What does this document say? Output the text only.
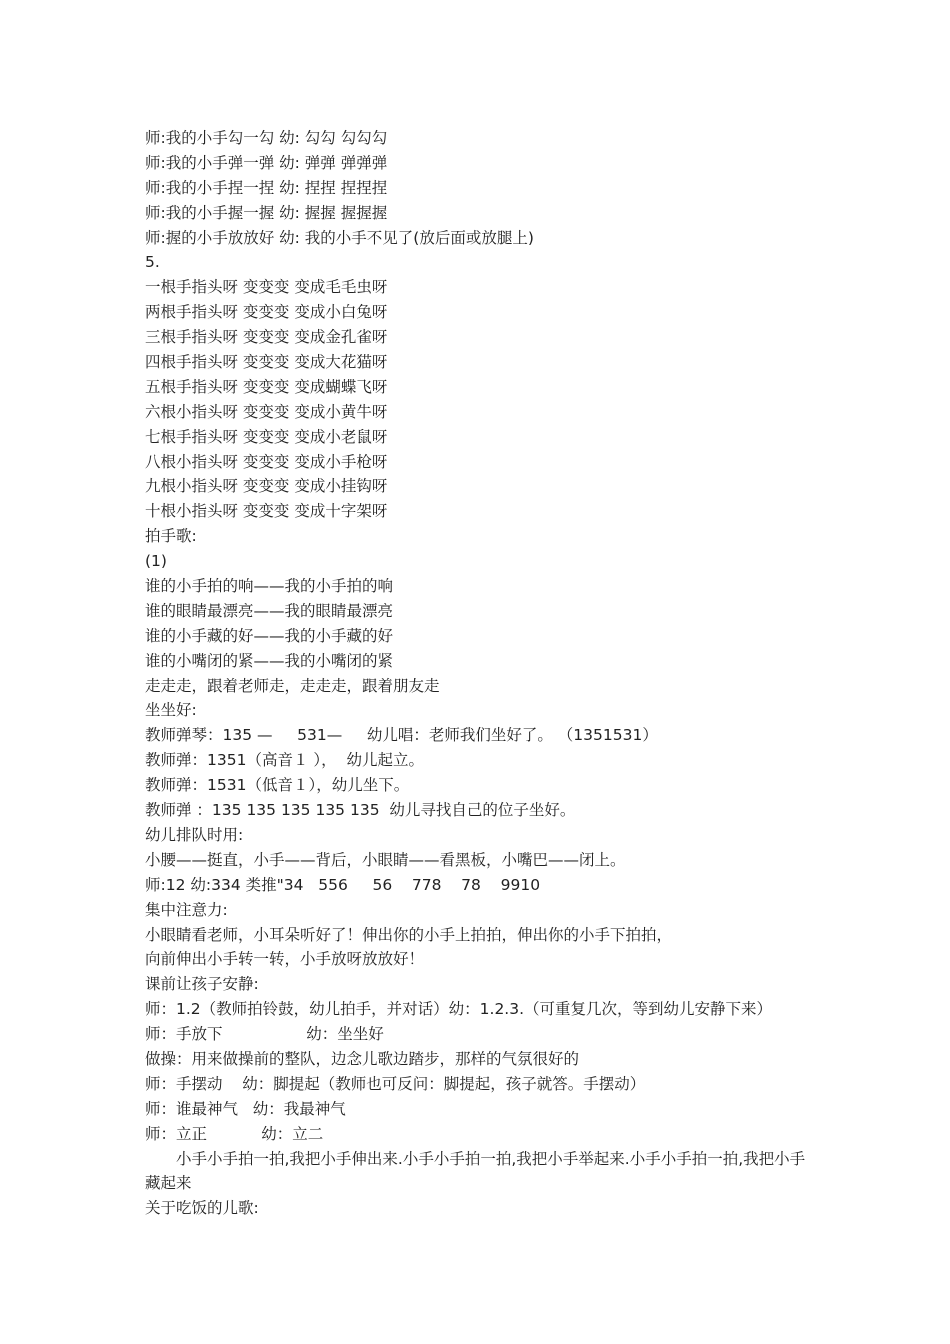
师:我的小手勾一勾 幼: 勾勾 勾勾勾
师:我的小手弹一弹 幼: 弹弹 弹弹弹
师:我的小手捏一捏 幼: 捏捏 捏捏捏
师:我的小手握一握 幼: 握握 握握握
师:握的小手放放好 幼: 我的小手不见了(放后面或放腿上)
5.
一根手指头呀 变变变 变成毛毛虫呀
两根手指头呀 变变变 变成小白兔呀
三根手指头呀 变变变 变成金孔雀呀
四根手指头呀 变变变 变成大花猫呀
五根手指头呀 变变变 变成蝴蝶飞呀
六根小指头呀 变变变 变成小黄牛呀
七根手指头呀 变变变 变成小老鼠呀
八根小指头呀 变变变 变成小手枪呀
九根小指头呀 变变变 变成小挂钩呀
十根小指头呀 变变变 变成十字架呀
拍手歌:
(1)
谁的小手拍的响——我的小手拍的响
谁的眼睛最漂亮——我的眼睛最漂亮
谁的小手藏的好——我的小手藏的好
谁的小嘴闭的紧——我的小嘴闭的紧
走走走，跟着老师走，走走走，跟着朋友走
坐坐好:
教师弹琴：135 —     531—     幼儿唱：老师我们坐好了。 （1351531）
教师弹：1351（高音１ ），  幼儿起立。
教师弹：1531（低音１），幼儿坐下。
教师弹 ：135 135 135 135 135  幼儿寻找自己的位子坐好。
幼儿排队时用:
小腰——挺直，小手——背后，小眼睛——看黑板，小嘴巴——闭上。
师:12 幼:334 类推"34   556     56    778    78    9910
集中注意力:
小眼睛看老师，小耳朵听好了！伸出你的小手上拍拍，伸出你的小手下拍拍，
向前伸出小手转一转，小手放呀放放好！
课前让孩子安静:
师：1.2（教师拍铃鼓，幼儿拍手，并对话）幼：1.2.3.（可重复几次，等到幼儿安静下来）
师：手放下                 幼：坐坐好
做操：用来做操前的整队，边念儿歌边踏步，那样的气氛很好的
师：手摆动    幼：脚提起（教师也可反问：脚提起，孩子就答。手摆动）
师：谁最神气   幼：我最神气
师：立正           幼：立二
小手小手拍一拍,我把小手伸出来.小手小手拍一拍,我把小手举起来.小手小手拍一拍,我把小手藏起来
关于吃饭的儿歌:
